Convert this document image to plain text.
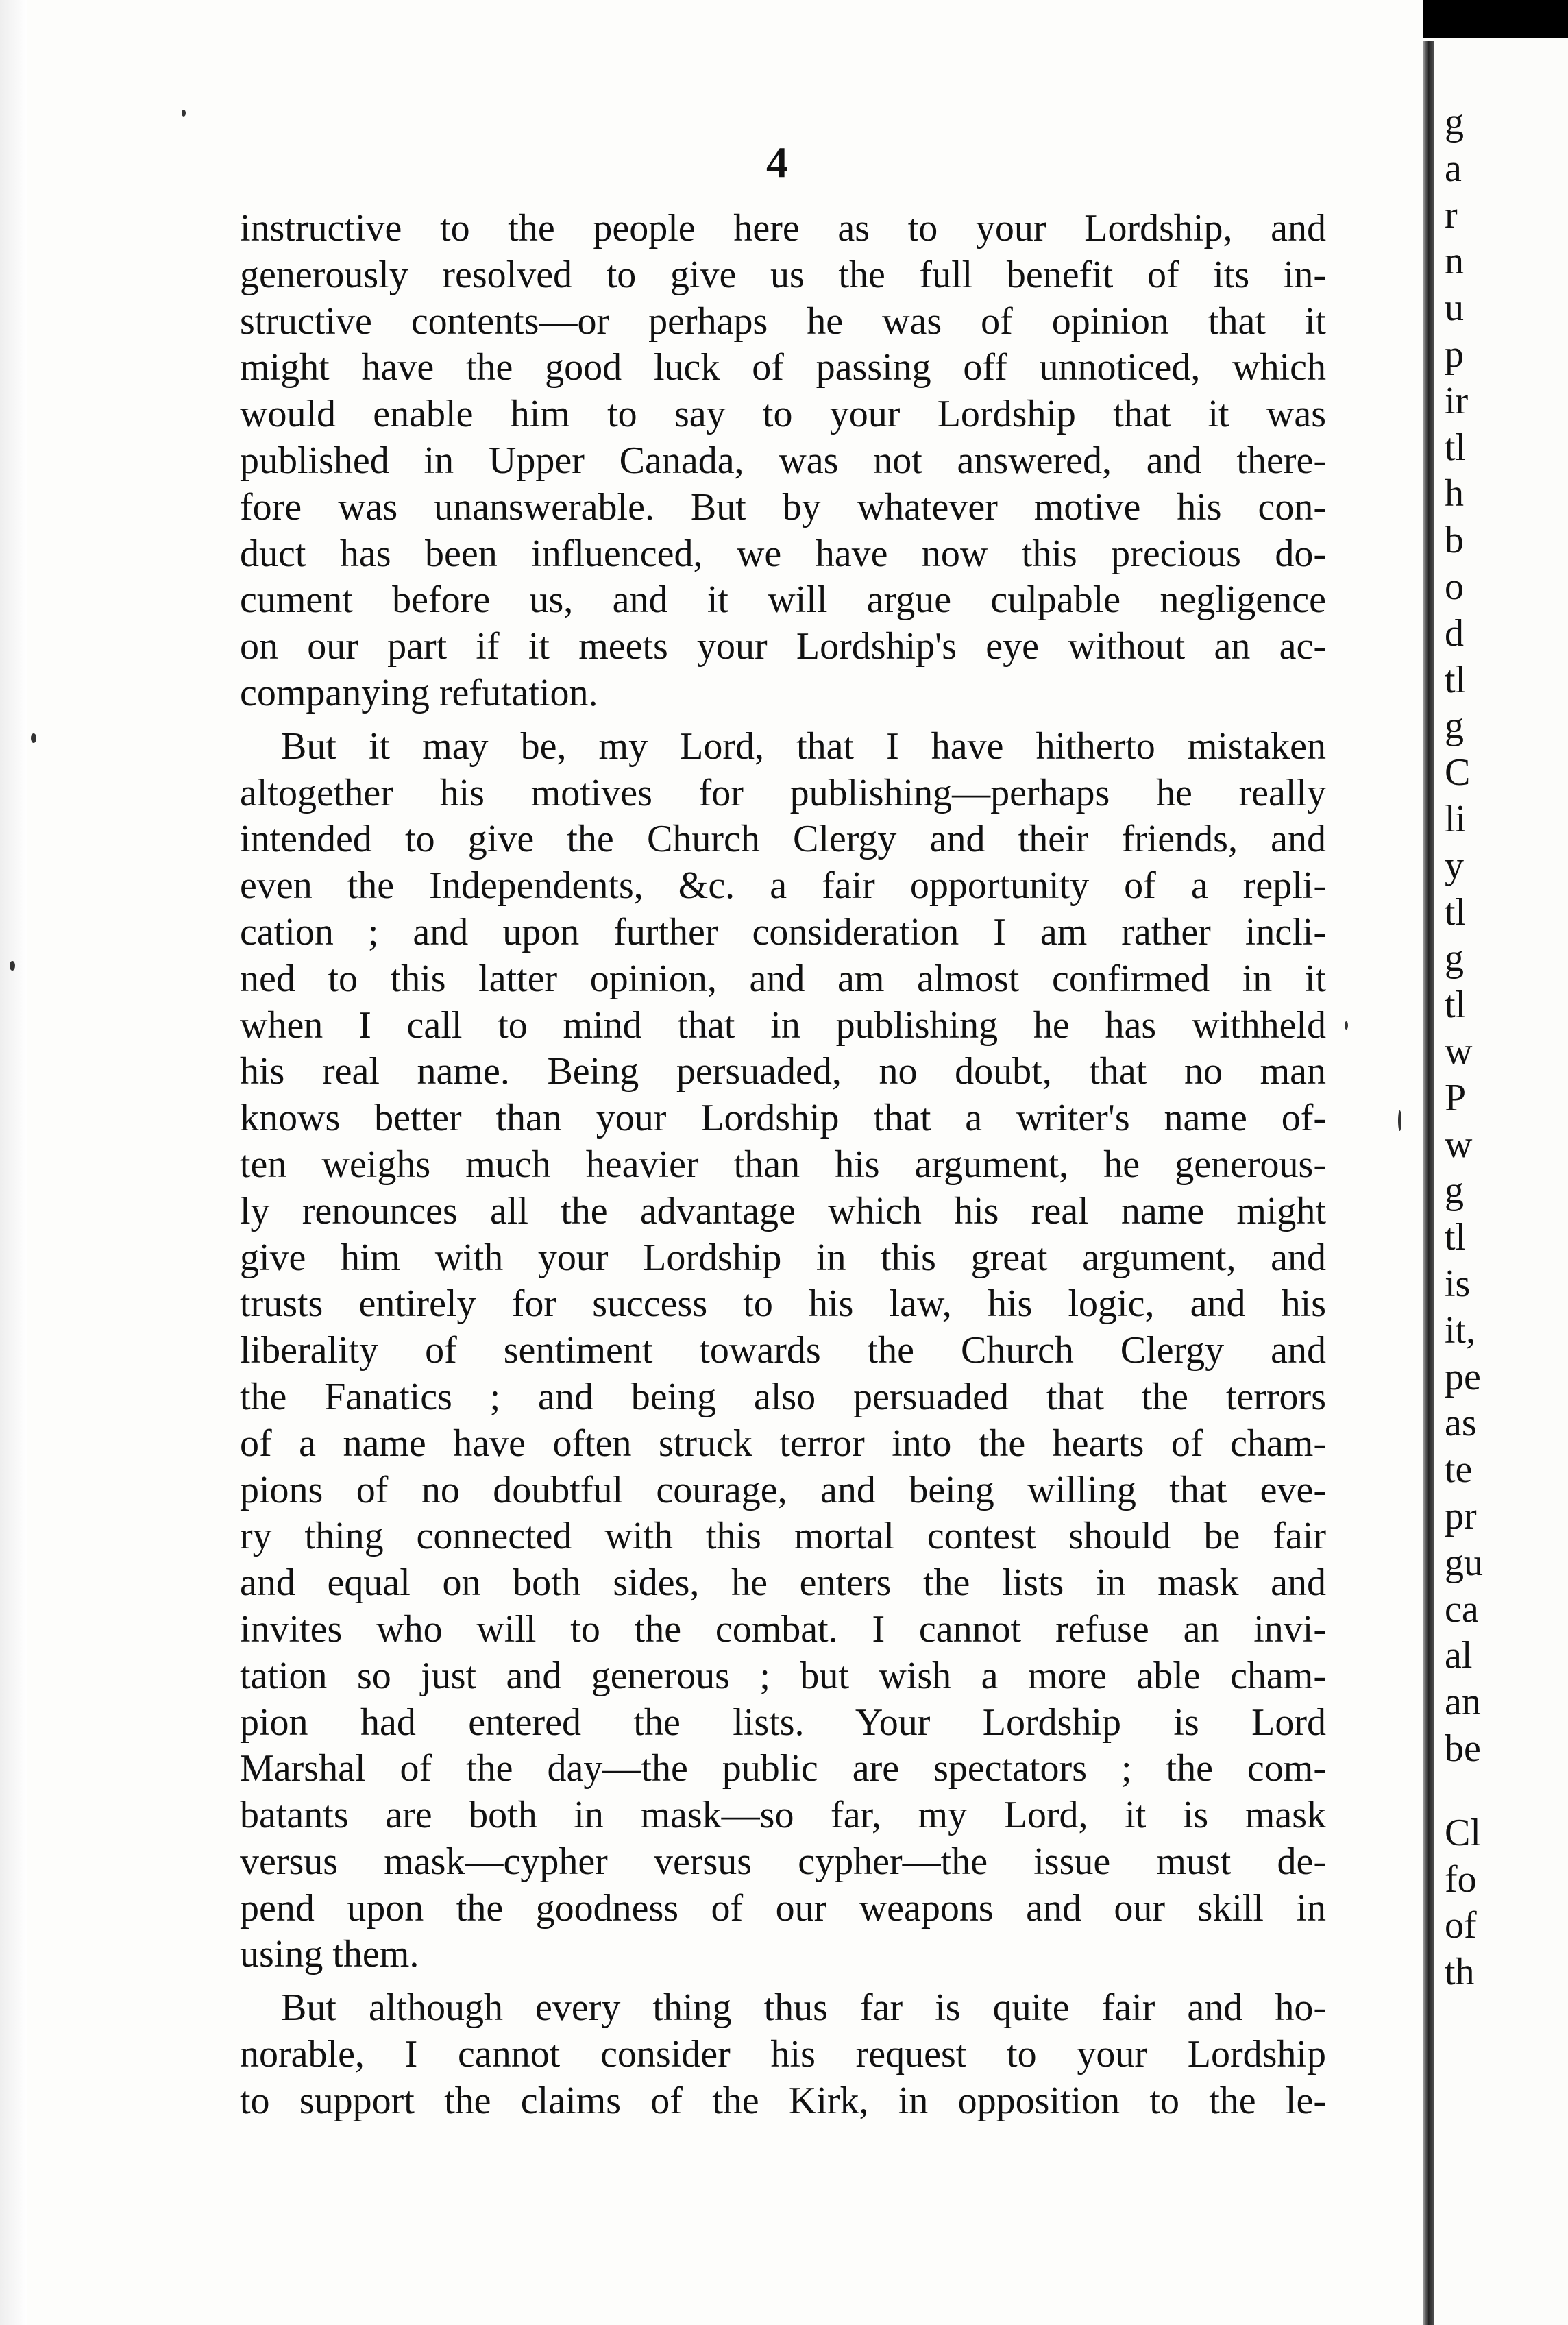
4
instructive to the people here as to your Lordship, and
generously resolved to give us the full benefit of its in-
structive contents—or perhaps he was of opinion that it
might have the good luck of passing off unnoticed, which
would enable him to say to your Lordship that it was
published in Upper Canada, was not answered, and there-
fore was unanswerable. But by whatever motive his con-
duct has been influenced, we have now this precious do-
cument before us, and it will argue culpable negligence
on our part if it meets your Lordship's eye without an ac-
companying refutation.
But it may be, my Lord, that I have hitherto mistaken
altogether his motives for publishing—perhaps he really
intended to give the Church Clergy and their friends, and
even the Independents, &c. a fair opportunity of a repli-
cation ; and upon further consideration I am rather incli-
ned to this latter opinion, and am almost confirmed in it
when I call to mind that in publishing he has withheld
his real name. Being persuaded, no doubt, that no man
knows better than your Lordship that a writer's name of-
ten weighs much heavier than his argument, he generous-
ly renounces all the advantage which his real name might
give him with your Lordship in this great argument, and
trusts entirely for success to his law, his logic, and his
liberality of sentiment towards the Church Clergy and
the Fanatics ; and being also persuaded that the terrors
of a name have often struck terror into the hearts of cham-
pions of no doubtful courage, and being willing that eve-
ry thing connected with this mortal contest should be fair
and equal on both sides, he enters the lists in mask and
invites who will to the combat. I cannot refuse an invi-
tation so just and generous ; but wish a more able cham-
pion had entered the lists. Your Lordship is Lord
Marshal of the day—the public are spectators ; the com-
batants are both in mask—so far, my Lord, it is mask
versus mask—cypher versus cypher—the issue must de-
pend upon the goodness of our weapons and our skill in
using them.
But although every thing thus far is quite fair and ho-
norable, I cannot consider his request to your Lordship
to support the claims of the Kirk, in opposition to the le-
g
a
r
n
u
p
ir
tl
h
b
o
d
tl
g
C
li
y
tl
g
tl
w
P
w
g
tl
is
it,
pe
as
te
pr
gu
ca
al
an
be
Cl
fo
of
th
